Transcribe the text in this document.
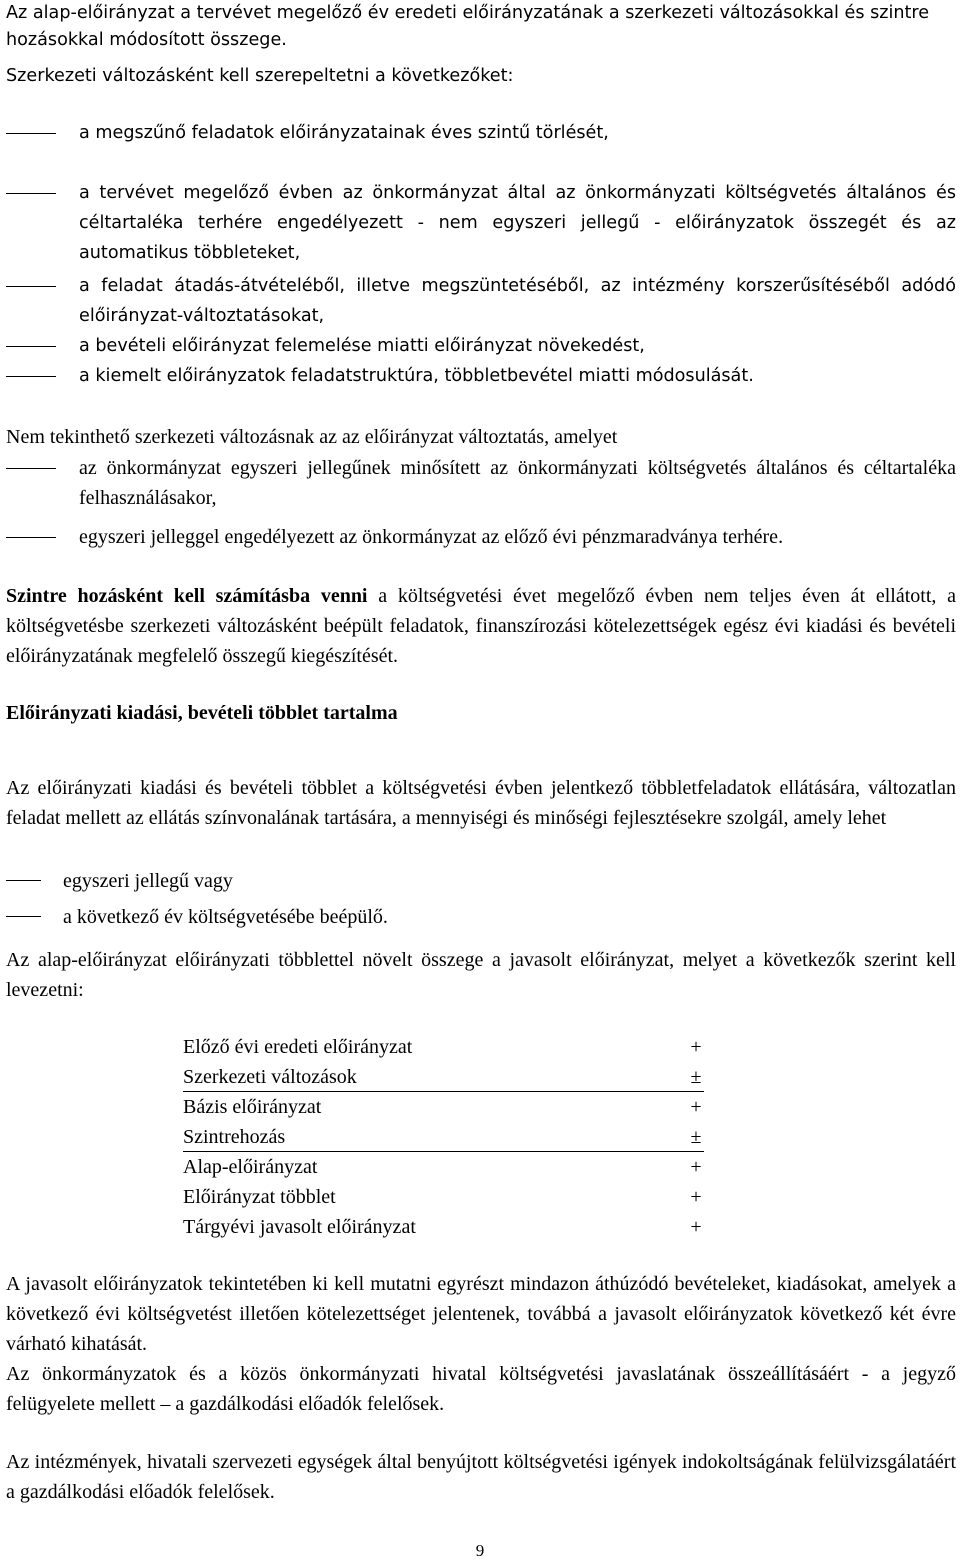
Az alap-előirányzat a tervévet megelőző év eredeti előirányzatának a szerkezeti változásokkal és szintre hozásokkal módosított összege.
Szerkezeti változásként kell szerepeltetni a következőket:
a megszűnő feladatok előirányzatainak éves szintű törlését,
a tervévet megelőző évben az önkormányzat által az önkormányzati költségvetés általános és céltartaléka terhére engedélyezett - nem egyszeri jellegű - előirányzatok összegét és az automatikus többleteket,
a feladat átadás-átvételéből, illetve megszüntetéséből, az intézmény korszerűsítéséből adódó előirányzat-változtatásokat,
a bevételi előirányzat felemelése miatti előirányzat növekedést,
a kiemelt előirányzatok feladatstruktúra, többletbevétel miatti módosulását.
Nem tekinthető szerkezeti változásnak az az előirányzat változtatás, amelyet
az önkormányzat egyszeri jellegűnek minősített az önkormányzati költségvetés általános és céltartaléka felhasználásakor,
egyszeri jelleggel engedélyezett az önkormányzat az előző évi pénzmaradványa terhére.
Szintre hozásként kell számításba venni a költségvetési évet megelőző évben nem teljes éven át ellátott, a költségvetésbe szerkezeti változásként beépült feladatok, finanszírozási kötelezettségek egész évi kiadási és bevételi előirányzatának megfelelő összegű kiegészítését.
Előirányzati kiadási, bevételi többlet tartalma
Az előirányzati kiadási és bevételi többlet a költségvetési évben jelentkező többletfeladatok ellátására, változatlan feladat mellett az ellátás színvonalának tartására, a mennyiségi és minőségi fejlesztésekre szolgál, amely lehet
egyszeri jellegű vagy
a következő év költségvetésébe beépülő.
Az alap-előirányzat előirányzati többlettel növelt összege a javasolt előirányzat, melyet a következők szerint kell levezetni:
Előző évi eredeti előirányzat	+
Szerkezeti változások	±
Bázis előirányzat	+
Szintrehozás	±
Alap-előirányzat	+
Előirányzat többlet	+
Tárgyévi javasolt előirányzat	+
A javasolt előirányzatok tekintetében ki kell mutatni egyrészt mindazon áthúzódó bevételeket, kiadásokat, amelyek a következő évi költségvetést illetően kötelezettséget jelentenek, továbbá a javasolt előirányzatok következő két évre várható kihatását.
Az önkormányzatok és a közös önkormányzati hivatal költségvetési javaslatának összeállításáért - a jegyző felügyelete mellett – a gazdálkodási előadók felelősek.
Az intézmények, hivatali szervezeti egységek által benyújtott költségvetési igények indokoltságának felülvizsgálatáért a gazdálkodási előadók felelősek.
9
